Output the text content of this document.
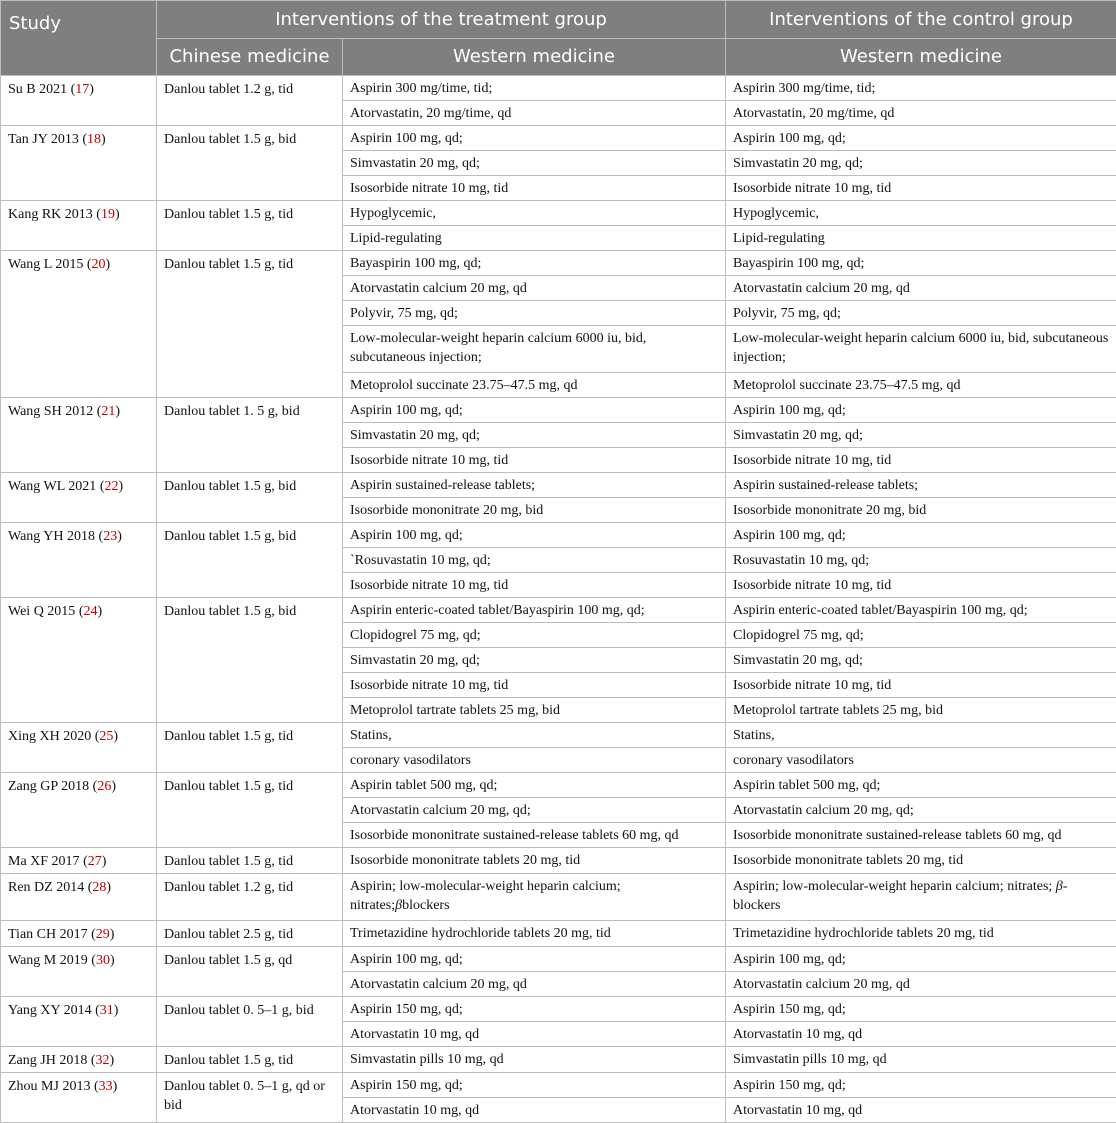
Study	Interventions of the treatment group		Interventions of the control group
	Chinese medicine	Western medicine	Western medicine
Su B 2021 (17)	Danlou tablet 1.2 g, tid	Aspirin 300 mg/time, tid;	Aspirin 300 mg/time, tid;
		Atorvastatin, 20 mg/time, qd	Atorvastatin, 20 mg/time, qd
Tan JY 2013 (18)	Danlou tablet 1.5 g, bid	Aspirin 100 mg, qd;	Aspirin 100 mg, qd;
		Simvastatin 20 mg, qd;	Simvastatin 20 mg, qd;
		Isosorbide nitrate 10 mg, tid	Isosorbide nitrate 10 mg, tid
Kang RK 2013 (19)	Danlou tablet 1.5 g, tid	Hypoglycemic,	Hypoglycemic,
		Lipid-regulating	Lipid-regulating
Wang L 2015 (20)	Danlou tablet 1.5 g, tid	Bayaspirin 100 mg, qd;	Bayaspirin 100 mg, qd;
		Atorvastatin calcium 20 mg, qd	Atorvastatin calcium 20 mg, qd
		Polyvir, 75 mg, qd;	Polyvir, 75 mg, qd;
		Low-molecular-weight heparin calcium 6000 iu, bid, subcutaneous injection;	Low-molecular-weight heparin calcium 6000 iu, bid, subcutaneous injection;
		Metoprolol succinate 23.75–47.5 mg, qd	Metoprolol succinate 23.75–47.5 mg, qd
Wang SH 2012 (21)	Danlou tablet 1. 5 g, bid	Aspirin 100 mg, qd;	Aspirin 100 mg, qd;
		Simvastatin 20 mg, qd;	Simvastatin 20 mg, qd;
		Isosorbide nitrate 10 mg, tid	Isosorbide nitrate 10 mg, tid
Wang WL 2021 (22)	Danlou tablet 1.5 g, bid	Aspirin sustained-release tablets;	Aspirin sustained-release tablets;
		Isosorbide mononitrate 20 mg, bid	Isosorbide mononitrate 20 mg, bid
Wang YH 2018 (23)	Danlou tablet 1.5 g, bid	Aspirin 100 mg, qd;	Aspirin 100 mg, qd;
		`Rosuvastatin 10 mg, qd;	Rosuvastatin 10 mg, qd;
		Isosorbide nitrate 10 mg, tid	Isosorbide nitrate 10 mg, tid
Wei Q 2015 (24)	Danlou tablet 1.5 g, bid	Aspirin enteric-coated tablet/Bayaspirin 100 mg, qd;	Aspirin enteric-coated tablet/Bayaspirin 100 mg, qd;
		Clopidogrel 75 mg, qd;	Clopidogrel 75 mg, qd;
		Simvastatin 20 mg, qd;	Simvastatin 20 mg, qd;
		Isosorbide nitrate 10 mg, tid	Isosorbide nitrate 10 mg, tid
		Metoprolol tartrate tablets 25 mg, bid	Metoprolol tartrate tablets 25 mg, bid
Xing XH 2020 (25)	Danlou tablet 1.5 g, tid	Statins,	Statins,
		coronary vasodilators	coronary vasodilators
Zang GP 2018 (26)	Danlou tablet 1.5 g, tid	Aspirin tablet 500 mg, qd;	Aspirin tablet 500 mg, qd;
		Atorvastatin calcium 20 mg, qd;	Atorvastatin calcium 20 mg, qd;
		Isosorbide mononitrate sustained-release tablets 60 mg, qd	Isosorbide mononitrate sustained-release tablets 60 mg, qd
Ma XF 2017 (27)	Danlou tablet 1.5 g, tid	Isosorbide mononitrate tablets 20 mg, tid	Isosorbide mononitrate tablets 20 mg, tid
Ren DZ 2014 (28)	Danlou tablet 1.2 g, tid	Aspirin; low-molecular-weight heparin calcium; nitrates;βblockers	Aspirin; low-molecular-weight heparin calcium; nitrates; β-blockers
Tian CH 2017 (29)	Danlou tablet 2.5 g, tid	Trimetazidine hydrochloride tablets 20 mg, tid	Trimetazidine hydrochloride tablets 20 mg, tid
Wang M 2019 (30)	Danlou tablet 1.5 g, qd	Aspirin 100 mg, qd;	Aspirin 100 mg, qd;
		Atorvastatin calcium 20 mg, qd	Atorvastatin calcium 20 mg, qd
Yang XY 2014 (31)	Danlou tablet 0. 5–1 g, bid	Aspirin 150 mg, qd;	Aspirin 150 mg, qd;
		Atorvastatin 10 mg, qd	Atorvastatin 10 mg, qd
Zang JH 2018 (32)	Danlou tablet 1.5 g, tid	Simvastatin pills 10 mg, qd	Simvastatin pills 10 mg, qd
Zhou MJ 2013 (33)	Danlou tablet 0. 5–1 g, qd or bid	Aspirin 150 mg, qd;	Aspirin 150 mg, qd;
		Atorvastatin 10 mg, qd	Atorvastatin 10 mg, qd
